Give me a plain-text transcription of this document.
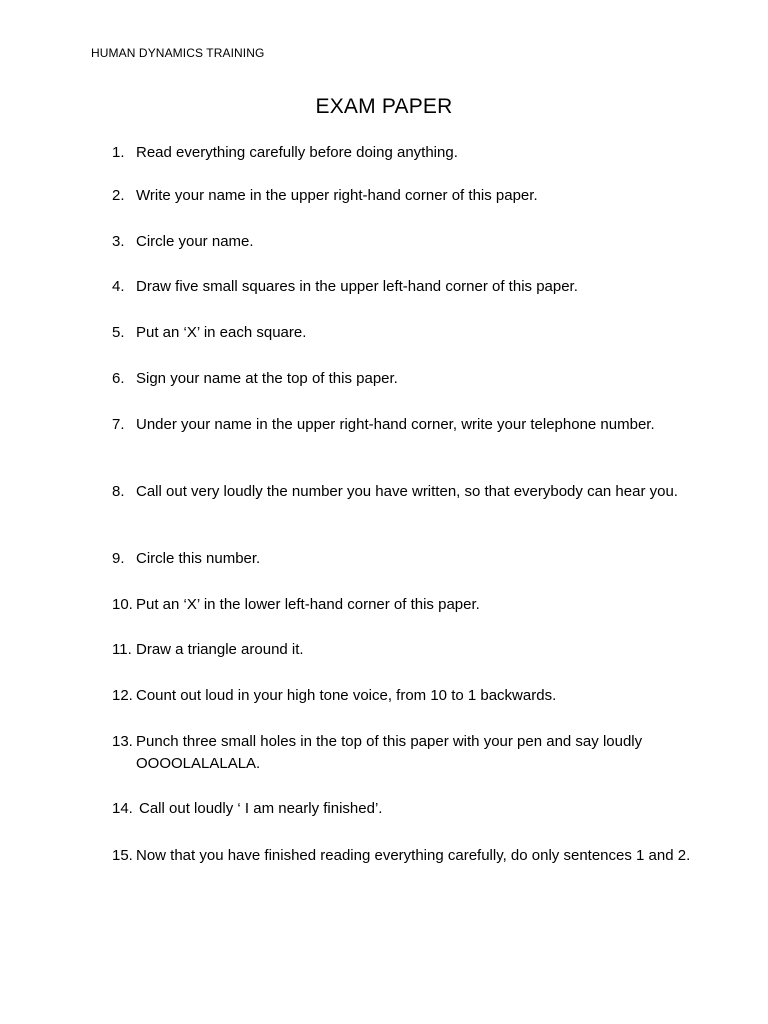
HUMAN DYNAMICS TRAINING
EXAM PAPER
1. Read everything carefully before doing anything.
2. Write your name in the upper right-hand corner of this paper.
3. Circle your name.
4. Draw five small squares in the upper left-hand corner of this paper.
5. Put an ‘X’ in each square.
6. Sign your name at the top of this paper.
7. Under your name in the upper right-hand corner, write your telephone number.
8. Call out very loudly the number you have written, so that everybody can hear you.
9. Circle this number.
10. Put an ‘X’ in the lower left-hand corner of this paper.
11. Draw a triangle around it.
12. Count out loud in your high tone voice, from 10 to 1 backwards.
13. Punch three small holes in the top of this paper with your pen and say loudly OOOOLALALALA.
14. Call out loudly ‘ I am nearly finished’.
15. Now that you have finished reading everything carefully, do only sentences 1 and 2.
